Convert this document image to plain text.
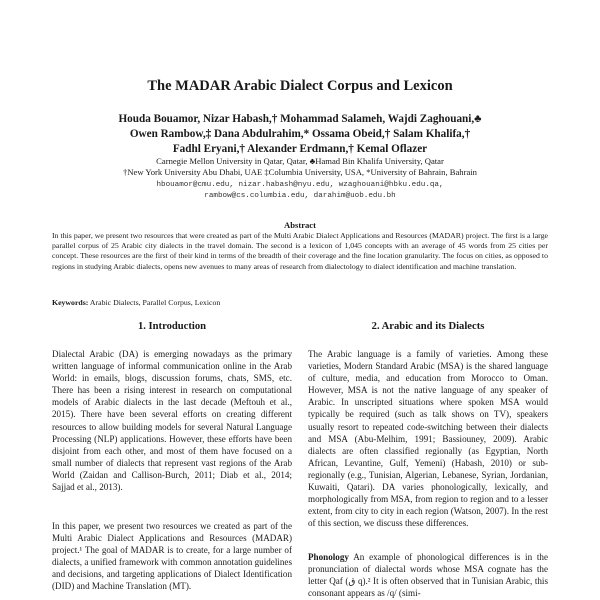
The MADAR Arabic Dialect Corpus and Lexicon
Houda Bouamor, Nizar Habash,† Mohammad Salameh, Wajdi Zaghouani,♣
Owen Rambow,‡ Dana Abdulrahim,* Ossama Obeid,† Salam Khalifa,†
Fadhl Eryani,† Alexander Erdmann,† Kemal Oflazer
Carnegie Mellon University in Qatar, Qatar, ♣Hamad Bin Khalifa University, Qatar
†New York University Abu Dhabi, UAE ‡Columbia University, USA, *University of Bahrain, Bahrain
hbouamor@cmu.edu, nizar.habash@nyu.edu, wzaghouani@hbku.edu.qa,
rambow@cs.columbia.edu, darahim@uob.edu.bh
Abstract
In this paper, we present two resources that were created as part of the Multi Arabic Dialect Applications and Resources (MADAR) project. The first is a large parallel corpus of 25 Arabic city dialects in the travel domain. The second is a lexicon of 1,045 concepts with an average of 45 words from 25 cities per concept. These resources are the first of their kind in terms of the breadth of their coverage and the fine location granularity. The focus on cities, as opposed to regions in studying Arabic dialects, opens new avenues to many areas of research from dialectology to dialect identification and machine translation.
Keywords: Arabic Dialects, Parallel Corpus, Lexicon
1. Introduction	2. Arabic and its Dialects

Dialectal Arabic (DA) is emerging nowadays as the primary written language of informal communication online in the Arab World: in emails, blogs, discussion forums, chats, SMS, etc. There has been a rising interest in research on computational models of Arabic dialects in the last decade (Meftouh et al., 2015). There have been several efforts on creating different resources to allow building models for several Natural Language Processing (NLP) applications. However, these efforts have been disjoint from each other, and most of them have focused on a small number of dialects that represent vast regions of the Arab World (Zaidan and Callison-Burch, 2011; Diab et al., 2014; Sajjad et al., 2013).

In this paper, we present two resources we created as part of the Multi Arabic Dialect Applications and Resources (MADAR) project.¹ The goal of MADAR is to create, for a large number of dialects, a unified framework with common annotation guidelines and decisions, and targeting applications of Dialect Identification (DID) and Machine Translation (MT).

The Arabic language is a family of varieties. Among these varieties, Modern Standard Arabic (MSA) is the shared language of culture, media, and education from Morocco to Oman. However, MSA is not the native language of any speaker of Arabic. In unscripted situations where spoken MSA would typically be required (such as talk shows on TV), speakers usually resort to repeated code-switching between their dialects and MSA (Abu-Melhim, 1991; Bassiouney, 2009). Arabic dialects are often classified regionally (as Egyptian, North African, Levantine, Gulf, Yemeni) (Habash, 2010) or sub-regionally (e.g., Tunisian, Algerian, Lebanese, Syrian, Jordanian, Kuwaiti, Qatari). DA varies phonologically, lexically, and morphologically from MSA, from region to region and to a lesser extent, from city to city in each region (Watson, 2007). In the rest of this section, we discuss these differences.

Phonology An example of phonological differences is in the pronunciation of dialectal words whose MSA cognate has the letter Qaf (ق q).² It is often observed that in Tunisian Arabic, this consonant appears as /q/ (simi-
